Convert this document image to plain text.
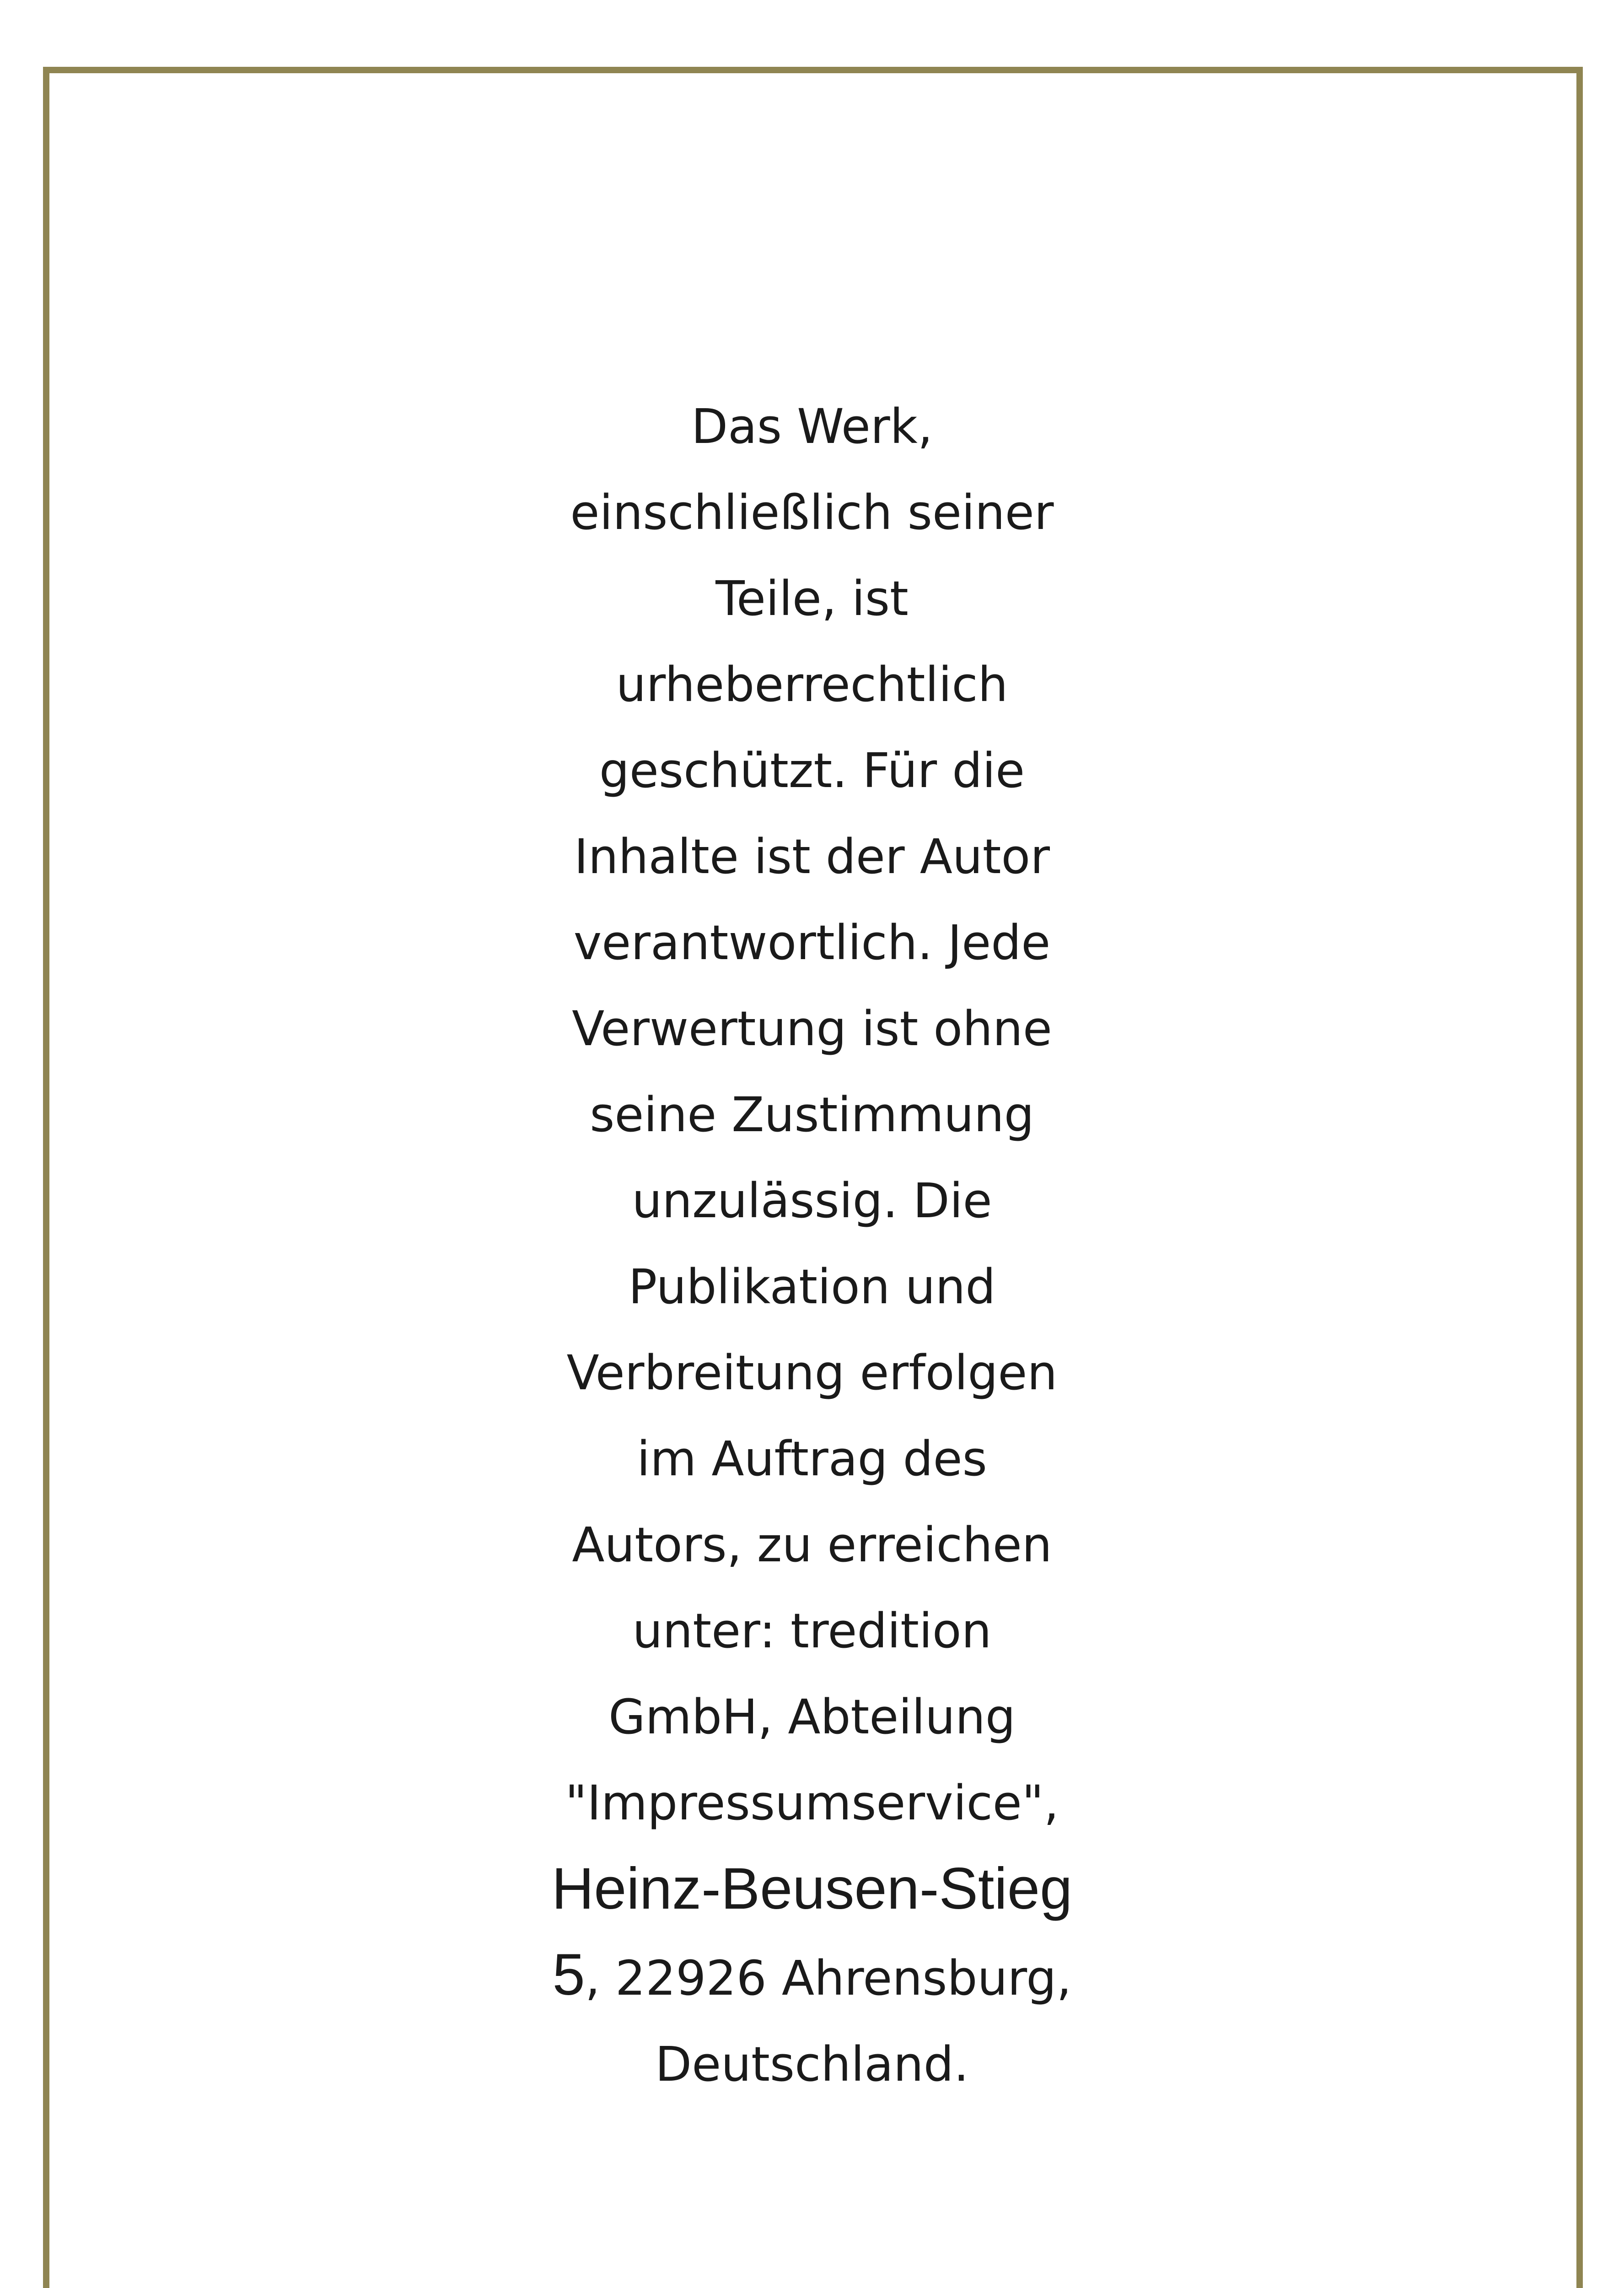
Das Werk,
einschließlich seiner
Teile, ist
urheberrechtlich
geschützt. Für die
Inhalte ist der Autor
verantwortlich. Jede
Verwertung ist ohne
seine Zustimmung
unzulässig. Die
Publikation und
Verbreitung erfolgen
im Auftrag des
Autors, zu erreichen
unter: tredition
GmbH, Abteilung
"Impressumservice",
Heinz-Beusen-Stieg
5, 22926 Ahrensburg,
Deutschland.
